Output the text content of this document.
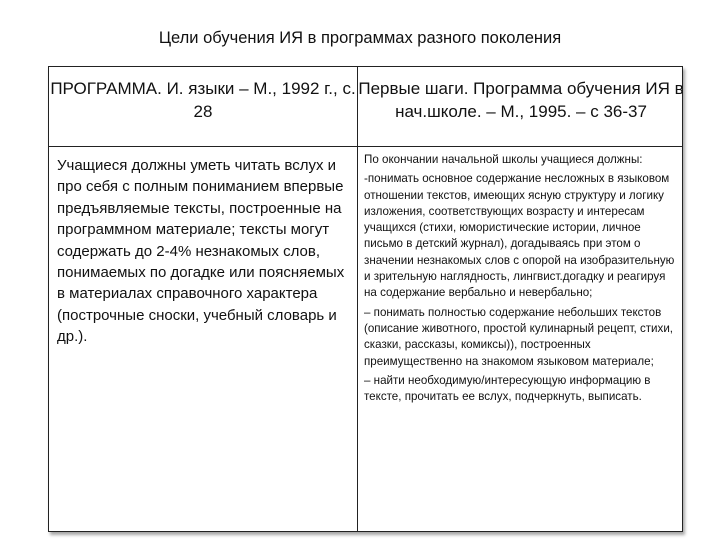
Цели обучения ИЯ в программах разного поколения
ПРОГРАММА. И. языки – М., 1992 г., с. 28
Первые шаги. Программа обучения ИЯ в нач.школе. – М., 1995. – с 36-37
Учащиеся должны уметь читать вслух и про себя с полным пониманием впервые предъявляемые тексты, построенные на программном материале; тексты могут содержать до 2-4% незнакомых слов, понимаемых по догадке или поясняемых в материалах справочного характера (постpочные сноски, учебный словарь и др.).

По окончании начальной школы учащиеся должны:

-понимать основное содержание несложных в языковом отношении текстов, имеющих ясную структуру и логику изложения, соответствующих возрасту и интересам учащихся (стихи, юмористические истории, личное письмо в детский журнал), догадываясь при этом о значении незнакомых слов с опорой на изобразительную и зрительную наглядность, лингвист.догадку и реагируя на содержание вербально и невербально;

– понимать полностью содержание небольших текстов (описание животного, простой кулинарный рецепт, стихи, сказки, рассказы, комиксы)), построенных преимущественно на знакомом языковом материале;

– найти необходимую/интересующую информацию в тексте, прочитать ее вслух, подчеркнуть, выписать.
